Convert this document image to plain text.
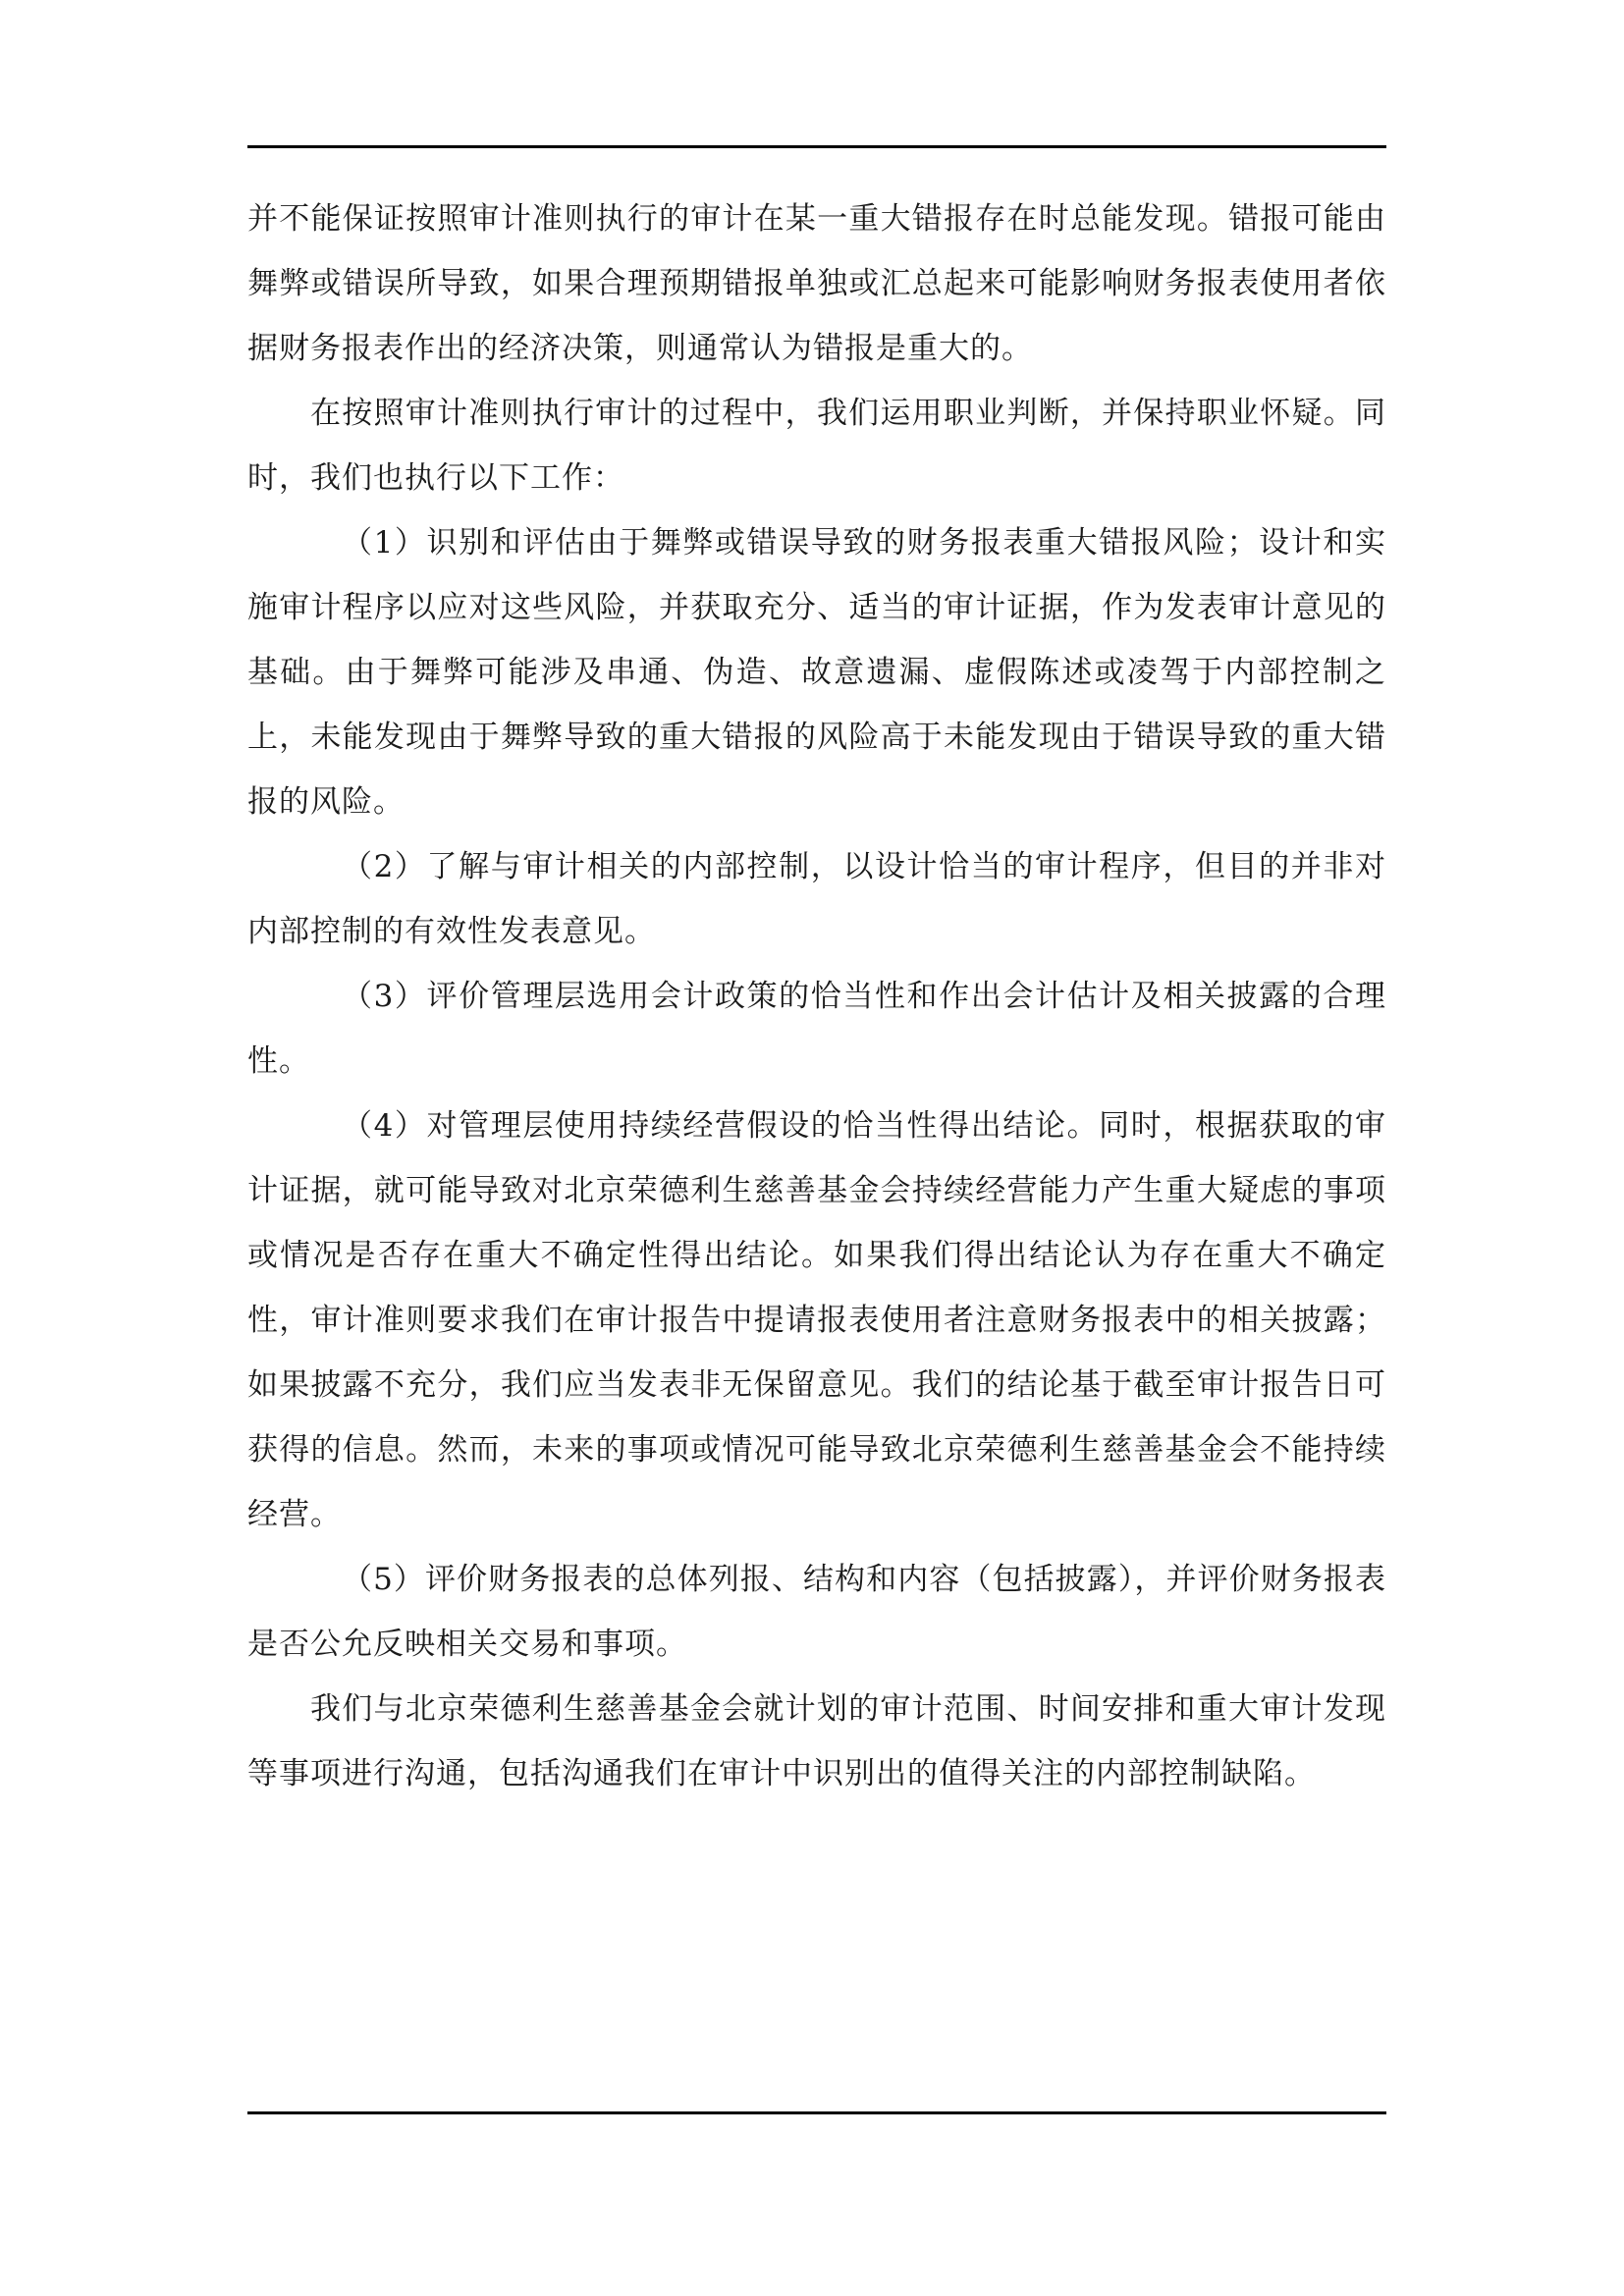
并不能保证按照审计准则执行的审计在某一重大错报存在时总能发现。错报可能由舞弊或错误所导致，如果合理预期错报单独或汇总起来可能影响财务报表使用者依据财务报表作出的经济决策，则通常认为错报是重大的。

在按照审计准则执行审计的过程中，我们运用职业判断，并保持职业怀疑。同时，我们也执行以下工作：

（1）识别和评估由于舞弊或错误导致的财务报表重大错报风险；设计和实施审计程序以应对这些风险，并获取充分、适当的审计证据，作为发表审计意见的基础。由于舞弊可能涉及串通、伪造、故意遗漏、虚假陈述或凌驾于内部控制之上，未能发现由于舞弊导致的重大错报的风险高于未能发现由于错误导致的重大错报的风险。

（2）了解与审计相关的内部控制，以设计恰当的审计程序，但目的并非对内部控制的有效性发表意见。

（3）评价管理层选用会计政策的恰当性和作出会计估计及相关披露的合理性。

（4）对管理层使用持续经营假设的恰当性得出结论。同时，根据获取的审计证据，就可能导致对北京荣德利生慈善基金会持续经营能力产生重大疑虑的事项或情况是否存在重大不确定性得出结论。如果我们得出结论认为存在重大不确定性，审计准则要求我们在审计报告中提请报表使用者注意财务报表中的相关披露；如果披露不充分，我们应当发表非无保留意见。我们的结论基于截至审计报告日可获得的信息。然而，未来的事项或情况可能导致北京荣德利生慈善基金会不能持续经营。

（5）评价财务报表的总体列报、结构和内容（包括披露），并评价财务报表是否公允反映相关交易和事项。

我们与北京荣德利生慈善基金会就计划的审计范围、时间安排和重大审计发现等事项进行沟通，包括沟通我们在审计中识别出的值得关注的内部控制缺陷。
